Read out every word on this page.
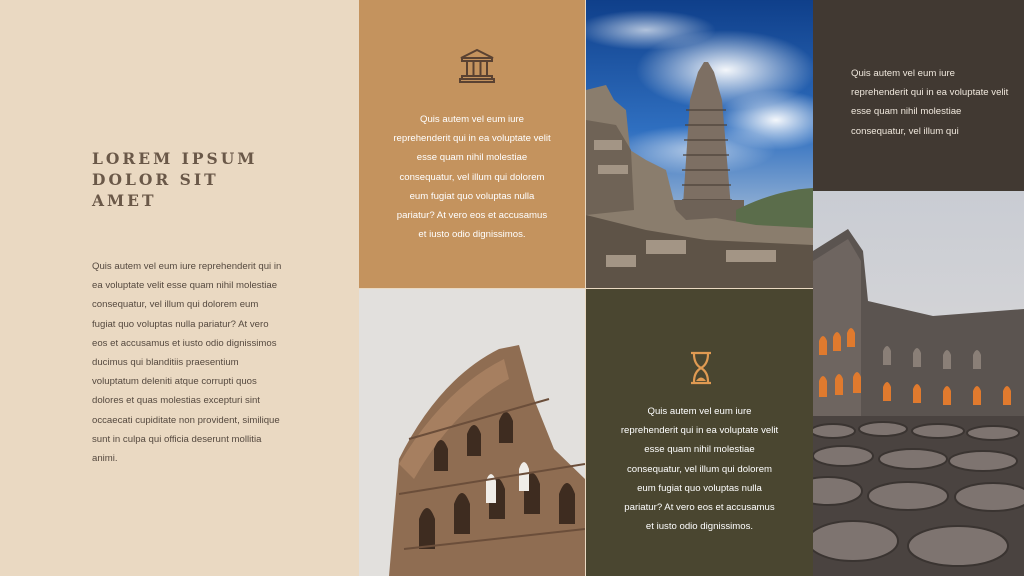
LOREM IPSUM
DOLOR SIT
AMET
Quis autem vel eum iure reprehenderit qui in ea voluptate velit esse quam nihil molestiae consequatur, vel illum qui dolorem eum fugiat quo voluptas nulla pariatur? At vero eos et accusamus et iusto odio dignissimos ducimus qui blanditiis praesentium voluptatum deleniti atque corrupti quos dolores et quas molestias excepturi sint occaecati cupiditate non provident, similique sunt in culpa qui officia deserunt mollitia animi.
Quis autem vel eum iure reprehenderit qui in ea voluptate velit esse quam nihil molestiae consequatur, vel illum qui dolorem eum fugiat quo voluptas nulla pariatur? At vero eos et accusamus et iusto odio dignissimos.
Quis autem vel eum iure reprehenderit qui in ea voluptate velit esse quam nihil molestiae consequatur, vel illum qui
Quis autem vel eum iure reprehenderit qui in ea voluptate velit esse quam nihil molestiae consequatur, vel illum qui dolorem eum fugiat quo voluptas nulla pariatur? At vero eos et accusamus et iusto odio dignissimos.
